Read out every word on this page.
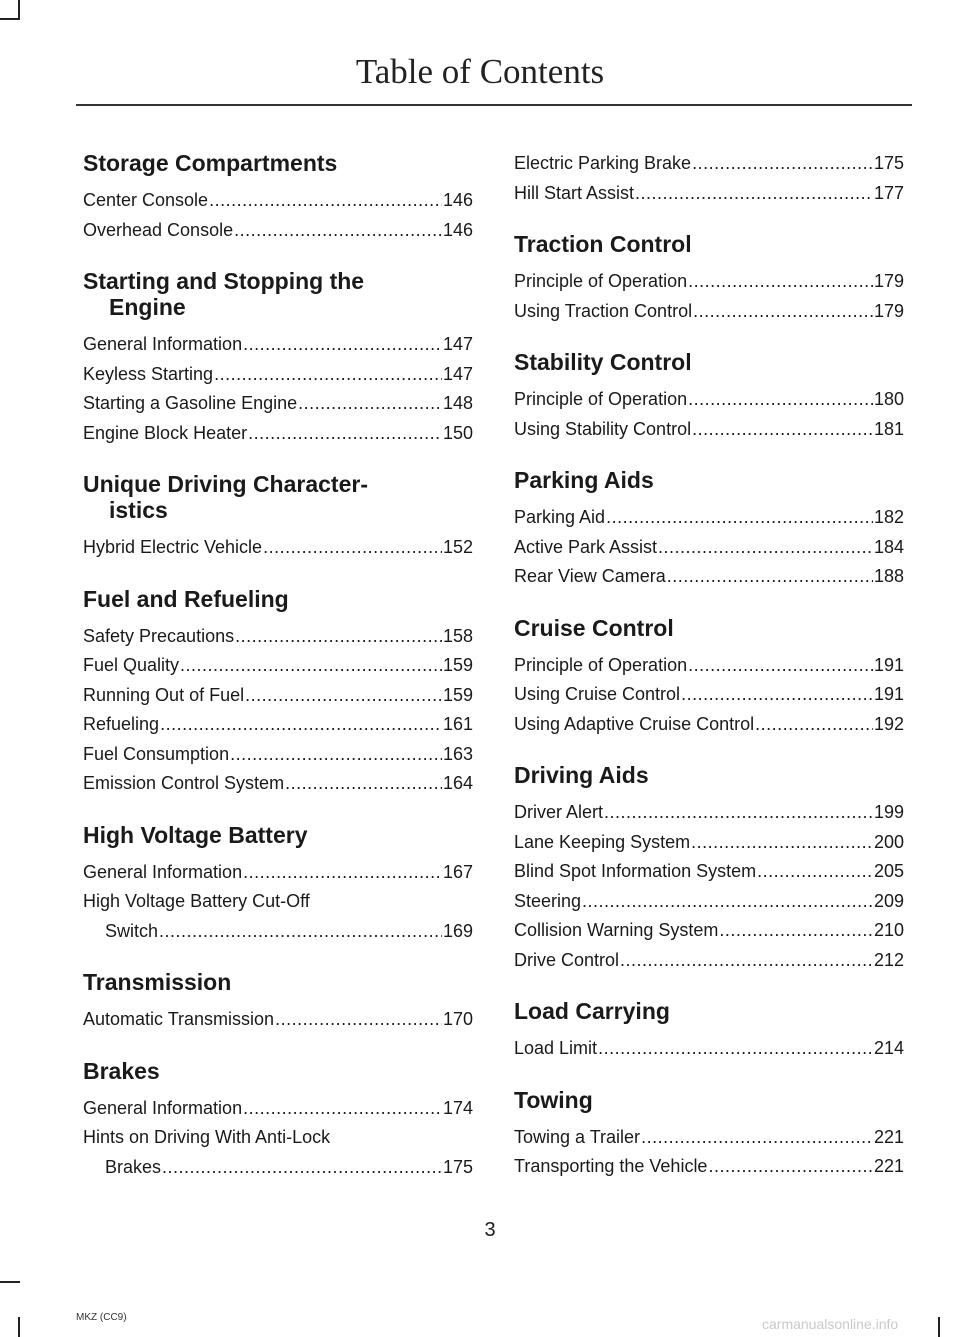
Table of Contents
Storage Compartments
Center Console .....	146
Overhead Console .....	146
Starting and Stopping the
Engine
General Information .....	147
Keyless Starting .....	147
Starting a Gasoline Engine .....	148
Engine Block Heater .....	150
Unique Driving Character-
istics
Hybrid Electric Vehicle .....	152
Fuel and Refueling
Safety Precautions .....	158
Fuel Quality .....	159
Running Out of Fuel .....	159
Refueling .....	161
Fuel Consumption .....	163
Emission Control System .....	164
High Voltage Battery
General Information .....	167
High Voltage Battery Cut-Off
Switch .....	169
Transmission
Automatic Transmission .....	170
Brakes
General Information .....	174
Hints on Driving With Anti-Lock
Brakes .....	175
Electric Parking Brake .....	175
Hill Start Assist .....	177
Traction Control
Principle of Operation .....	179
Using Traction Control .....	179
Stability Control
Principle of Operation .....	180
Using Stability Control .....	181
Parking Aids
Parking Aid .....	182
Active Park Assist .....	184
Rear View Camera .....	188
Cruise Control
Principle of Operation .....	191
Using Cruise Control .....	191
Using Adaptive Cruise Control .....	192
Driving Aids
Driver Alert .....	199
Lane Keeping System .....	200
Blind Spot Information System .....	205
Steering .....	209
Collision Warning System .....	210
Drive Control .....	212
Load Carrying
Load Limit .....	214
Towing
Towing a Trailer .....	221
Transporting the Vehicle .....	221
3
MKZ (CC9)	carmanualsonline.info
